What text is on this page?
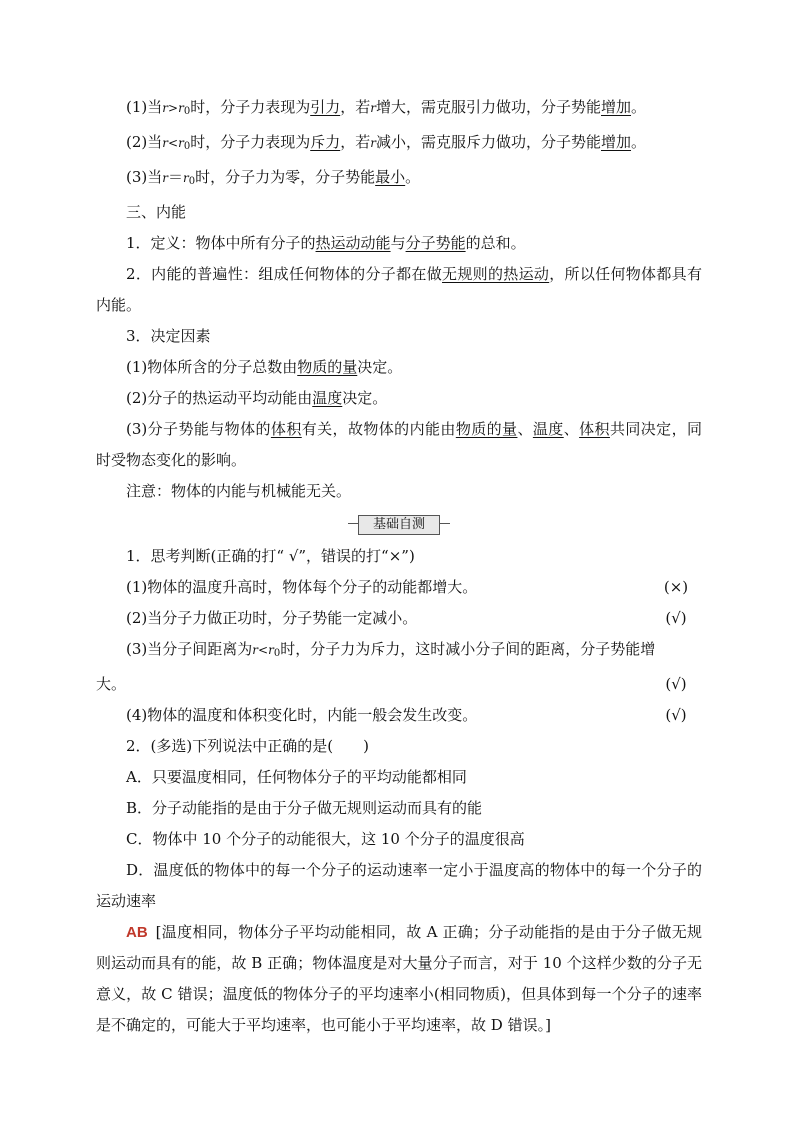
(1)当$r>r_0$时，分子力表现为引力，若r增大，需克服引力做功，分子势能增加。
(2)当$r<r_0$时，分子力表现为斥力，若r减小，需克服斥力做功，分子势能增加。
(3)当$r=r_0$时，分子力为零，分子势能最小。
三、内能
1．定义：物体中所有分子的热运动动能与分子势能的总和。
2．内能的普遍性：组成任何物体的分子都在做无规则的热运动，所以任何物体都具有内能。
3．决定因素
(1)物体所含的分子总数由物质的量决定。
(2)分子的热运动平均动能由温度决定。
(3)分子势能与物体的体积有关，故物体的内能由物质的量、温度、体积共同决定，同时受物态变化的影响。
注意：物体的内能与机械能无关。
基础自测
1．思考判断(正确的打“ √”，错误的打“×”)
(1)物体的温度升高时，物体每个分子的动能都增大。	(×)
(2)当分子力做正功时，分子势能一定减小。	(√)
(3)当分子间距离为$r<r_0$时，分子力为斥力，这时减小分子间的距离，分子势能增
大。	(√)
(4)物体的温度和体积变化时，内能一般会发生改变。	(√)
2．(多选)下列说法中正确的是(　　)
A．只要温度相同，任何物体分子的平均动能都相同
B．分子动能指的是由于分子做无规则运动而具有的能
C．物体中 10 个分子的动能很大，这 10 个分子的温度很高
D．温度低的物体中的每一个分子的运动速率一定小于温度高的物体中的每一个分子的运动速率
AB [温度相同，物体分子平均动能相同，故 A 正确；分子动能指的是由于分子做无规则运动而具有的能，故 B 正确；物体温度是对大量分子而言，对于 10 个这样少数的分子无意义，故 C 错误；温度低的物体分子的平均速率小(相同物质)，但具体到每一个分子的速率是不确定的，可能大于平均速率，也可能小于平均速率，故 D 错误。]
